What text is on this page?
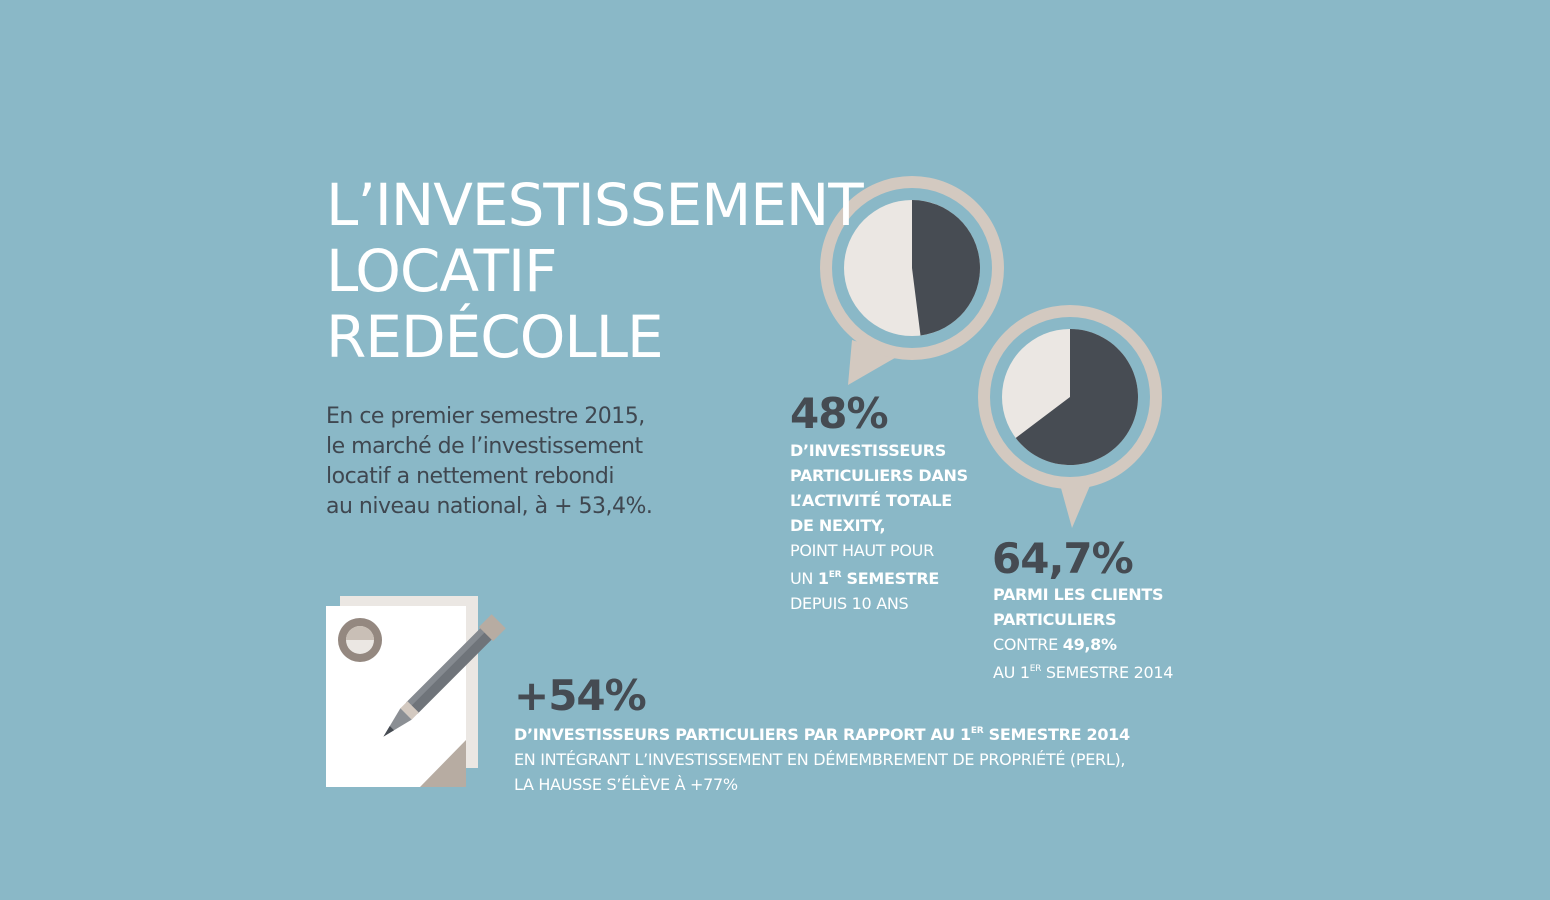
L’INVESTISSEMENT
LOCATIF
REDÉCOLLE
En ce premier semestre 2015,
le marché de l’investissement
locatif a nettement rebondi
au niveau national, à + 53,4%.
48%
D’INVESTISSEURS
PARTICULIERS DANS
L’ACTIVITÉ TOTALE
DE NEXITY,
POINT HAUT POUR
UN 1ER SEMESTRE
DEPUIS 10 ANS
64,7%
PARMI LES CLIENTS
PARTICULIERS
CONTRE 49,8%
AU 1ER SEMESTRE 2014
+54%
D’INVESTISSEURS PARTICULIERS PAR RAPPORT AU 1ER SEMESTRE 2014
EN INTÉGRANT L’INVESTISSEMENT EN DÉMEMBREMENT DE PROPRIÉTÉ (PERL),
LA HAUSSE S’ÉLÈVE À +77%
